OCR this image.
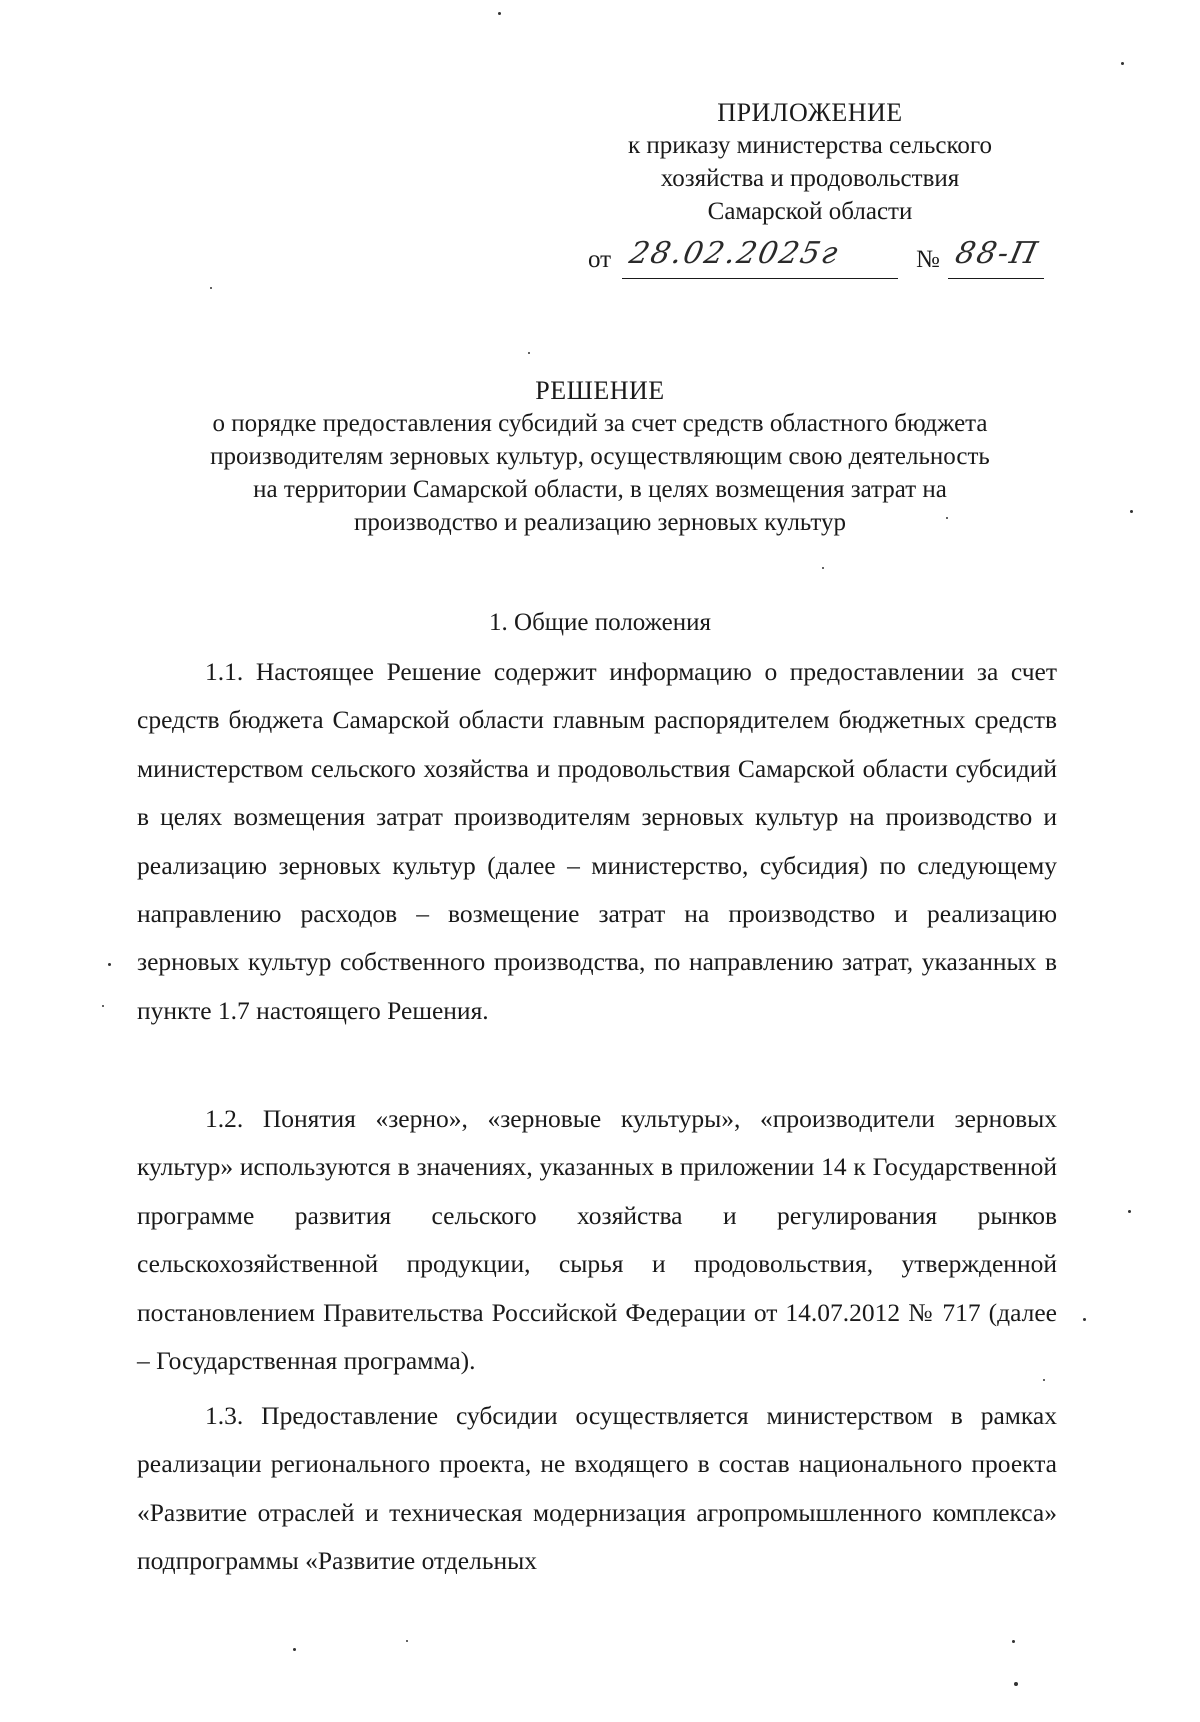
ПРИЛОЖЕНИЕ
к приказу министерства сельского
хозяйства и продовольствия
Самарской области
от 28.02.2025г	№ 88-П
РЕШЕНИЕ
о порядке предоставления субсидий за счет средств областного бюджета
производителям зерновых культур, осуществляющим свою деятельность
на территории Самарской области, в целях возмещения затрат на
производство и реализацию зерновых культур
1. Общие положения
1.1. Настоящее Решение содержит информацию о предоставлении за счет средств бюджета Самарской области главным распорядителем бюджетных средств министерством сельского хозяйства и продовольствия Самарской области субсидий в целях возмещения затрат производителям зерновых культур на производство и реализацию зерновых культур (далее – министерство, субсидия) по следующему направлению расходов – возмещение затрат на производство и реализацию зерновых культур собственного производства, по направлению затрат, указанных в пункте 1.7 настоящего Решения.
1.2. Понятия «зерно», «зерновые культуры», «производители зерновых культур» используются в значениях, указанных в приложении 14 к Государственной программе развития сельского хозяйства и регулирования рынков сельскохозяйственной продукции, сырья и продовольствия, утвержденной постановлением Правительства Российской Федерации от 14.07.2012 № 717 (далее – Государственная программа).
1.3. Предоставление субсидии осуществляется министерством в рамках реализации регионального проекта, не входящего в состав национального проекта «Развитие отраслей и техническая модернизация агропромышленного комплекса» подпрограммы «Развитие отдельных
